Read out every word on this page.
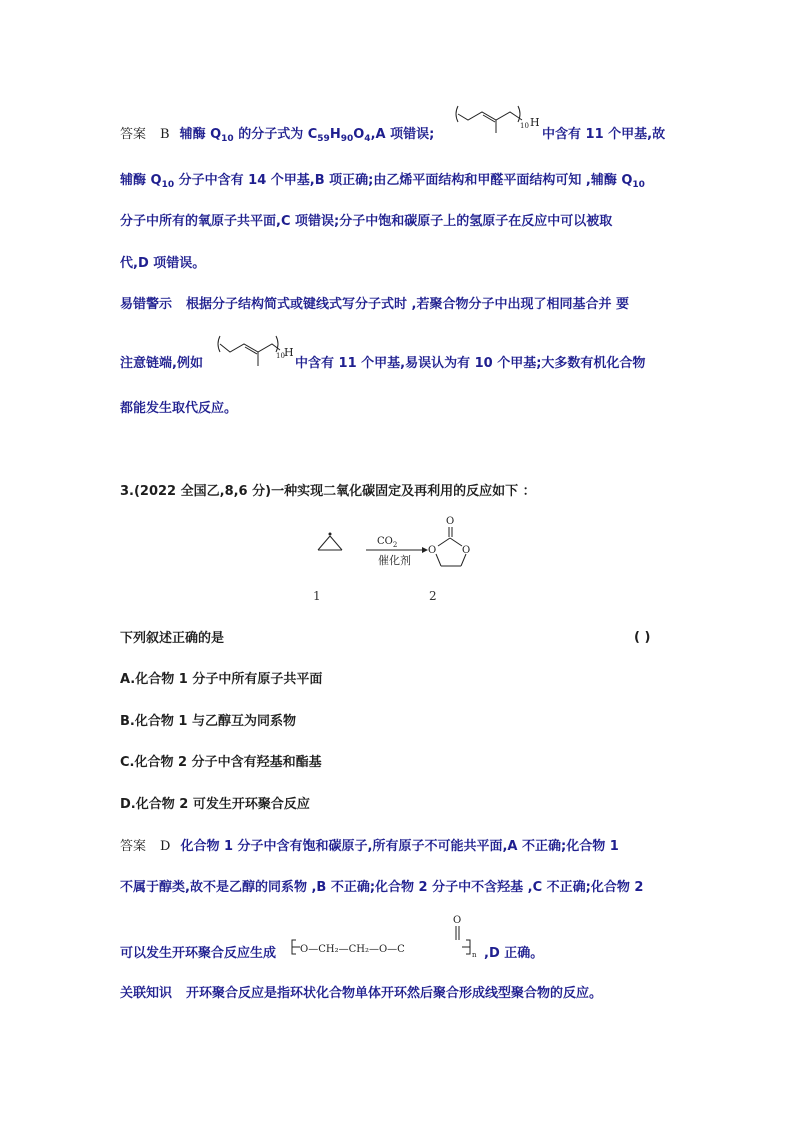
答案 B 辅酶 $Q_{10}$ 的分子式为 $C_{59}H_{90}O_4,A$ 项错误;
10 H
中含有 11 个甲基,故
辅酶 $Q_{10}$ 分子中含有 14 个甲基,B 项正确;由乙烯平面结构和甲醛平面结构可知 ,辅酶 $Q_{10}$
分子中所有的氧原子共平面,C 项错误;分子中饱和碳原子上的氢原子在反应中可以被取
代,D 项错误。
易错警示 根据分子结构简式或键线式写分子式时 ,若聚合物分子中出现了相同基合并 要
注意链端,例如	10 H
中含有 11 个甲基,易误认为有 10 个甲基;大多数有机化合物
都能发生取代反应。
3.(2022 全国乙,8,6 分)一种实现二氧化碳固定及再利用的反应如下 ：
$CO_2$
催化剂
O
O	O
1	2
下列叙述正确的是	( )
A.化合物 1 分子中所有原子共平面
B.化合物 1 与乙醇互为同系物
C.化合物 2 分子中含有羟基和酯基
D.化合物 2 可发生开环聚合反应
答案 D 化合物 1 分子中含有饱和碳原子,所有原子不可能共平面,A 不正确;化合物 1
不属于醇类,故不是乙醇的同系物 ,B 不正确;化合物 2 分子中不含羟基 ,C 不正确;化合物 2
可以发生开环聚合反应生成	O—CH₂—CH₂—O—C
O
n ,D 正确。
关联知识 开环聚合反应是指环状化合物单体开环然后聚合形成线型聚合物的反应。
